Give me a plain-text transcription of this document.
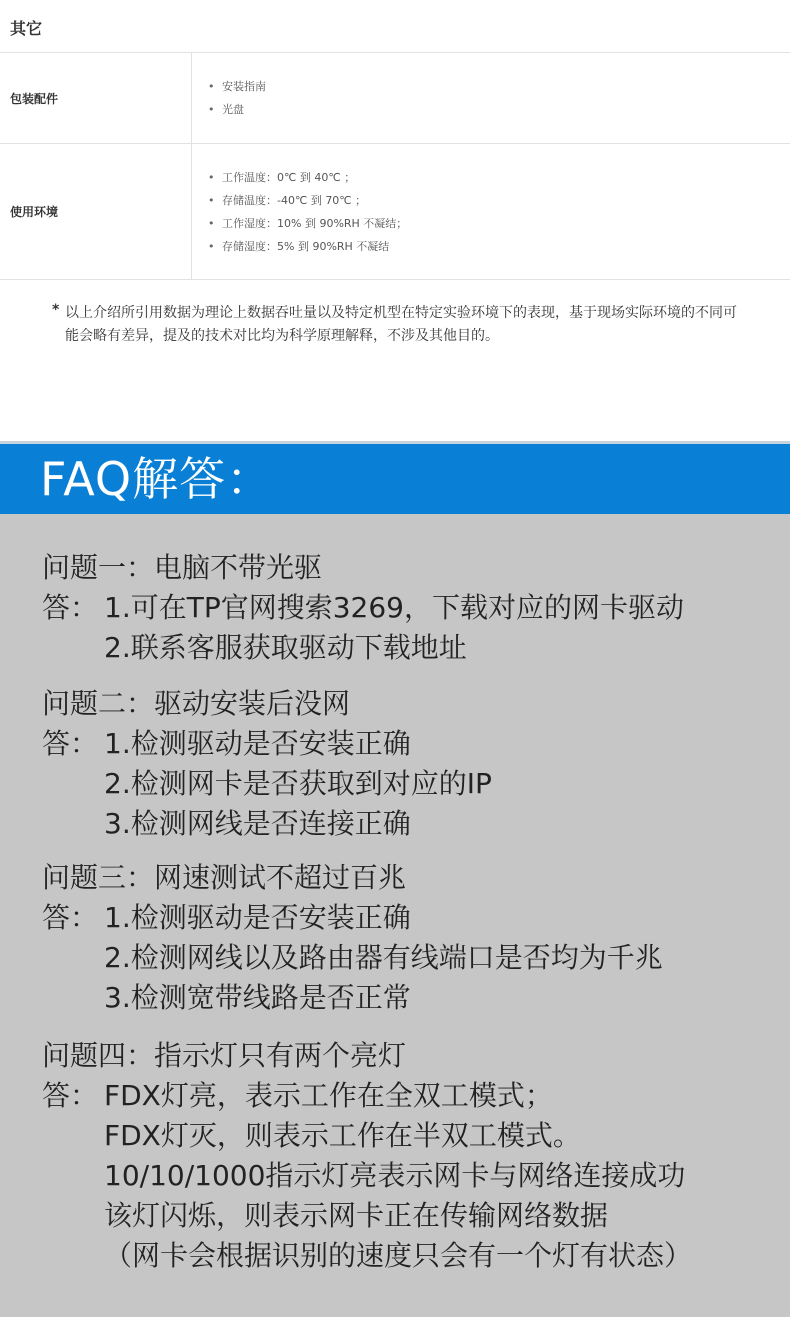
其它
包装配件
• 安装指南
• 光盘
使用环境
• 工作温度：0℃ 到 40℃ ；
• 存储温度：-40℃ 到 70℃ ；
• 工作湿度：10% 到 90%RH 不凝结；
• 存储湿度：5% 到 90%RH 不凝结
* 以上介绍所引用数据为理论上数据吞吐量以及特定机型在特定实验环境下的表现，基于现场实际环境的不同可能会略有差异，提及的技术对比均为科学原理解释，不涉及其他目的。
FAQ解答：
问题一：电脑不带光驱
答： 1.可在TP官网搜索3269，下载对应的网卡驱动
2.联系客服获取驱动下载地址
问题二：驱动安装后没网
答： 1.检测驱动是否安装正确
2.检测网卡是否获取到对应的IP
3.检测网线是否连接正确
问题三：网速测试不超过百兆
答： 1.检测驱动是否安装正确
2.检测网线以及路由器有线端口是否均为千兆
3.检测宽带线路是否正常
问题四：指示灯只有两个亮灯
答： FDX灯亮，表示工作在全双工模式；
FDX灯灭，则表示工作在半双工模式。
10/10/1000指示灯亮表示网卡与网络连接成功
该灯闪烁，则表示网卡正在传输网络数据
（网卡会根据识别的速度只会有一个灯有状态）
